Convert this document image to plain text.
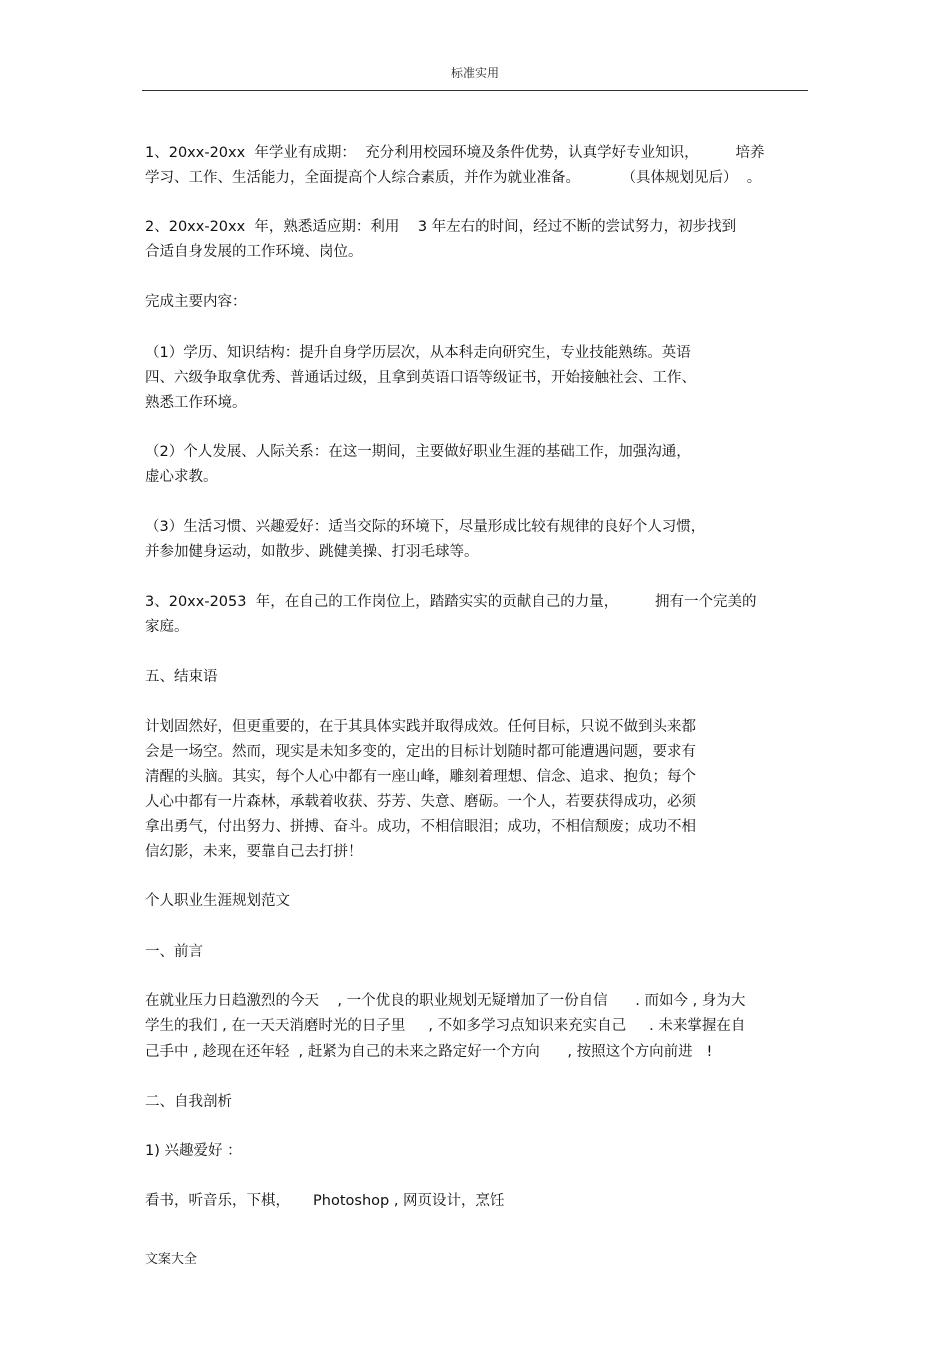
标准实用
1、20xx-20xx  年学业有成期：  充分利用校园环境及条件优势，认真学好专业知识，        培养
学习、工作、生活能力，全面提高个人综合素质，并作为就业准备。         （具体规划见后）  。
2、20xx-20xx  年，熟悉适应期：利用    3 年左右的时间，经过不断的尝试努力，初步找到
合适自身发展的工作环境、岗位。
完成主要内容：
（1）学历、知识结构：提升自身学历层次，从本科走向研究生，专业技能熟练。英语
四、六级争取拿优秀、普通话过级，且拿到英语口语等级证书，开始接触社会、工作、
熟悉工作环境。
（2）个人发展、人际关系：在这一期间，主要做好职业生涯的基础工作，加强沟通，
虚心求教。
（3）生活习惯、兴趣爱好：适当交际的环境下，尽量形成比较有规律的良好个人习惯，
并参加健身运动，如散步、跳健美操、打羽毛球等。
3、20xx-2053  年，在自己的工作岗位上，踏踏实实的贡献自己的力量，        拥有一个完美的
家庭。
五、结束语
计划固然好，但更重要的，在于其具体实践并取得成效。任何目标，只说不做到头来都
会是一场空。然而，现实是未知多变的，定出的目标计划随时都可能遭遇问题，要求有
清醒的头脑。其实，每个人心中都有一座山峰，雕刻着理想、信念、追求、抱负；每个
人心中都有一片森林，承载着收获、芬芳、失意、磨砺。一个人，若要获得成功，必须
拿出勇气，付出努力、拼搏、奋斗。成功，不相信眼泪；成功，不相信颓废；成功不相
信幻影，未来，要靠自己去打拼！
个人职业生涯规划范文
一、前言
在就业压力日趋激烈的今天    , 一个优良的职业规划无疑增加了一份自信      . 而如今 , 身为大
学生的我们 , 在一天天消磨时光的日子里     , 不如多学习点知识来充实自己     . 未来掌握在自
己手中 , 趁现在还年轻  , 赶紧为自己的未来之路定好一个方向      , 按照这个方向前进   !
二、自我剖析
1) 兴趣爱好 ：
看书，听音乐，下棋，     Photoshop , 网页设计，烹饪
文案大全
